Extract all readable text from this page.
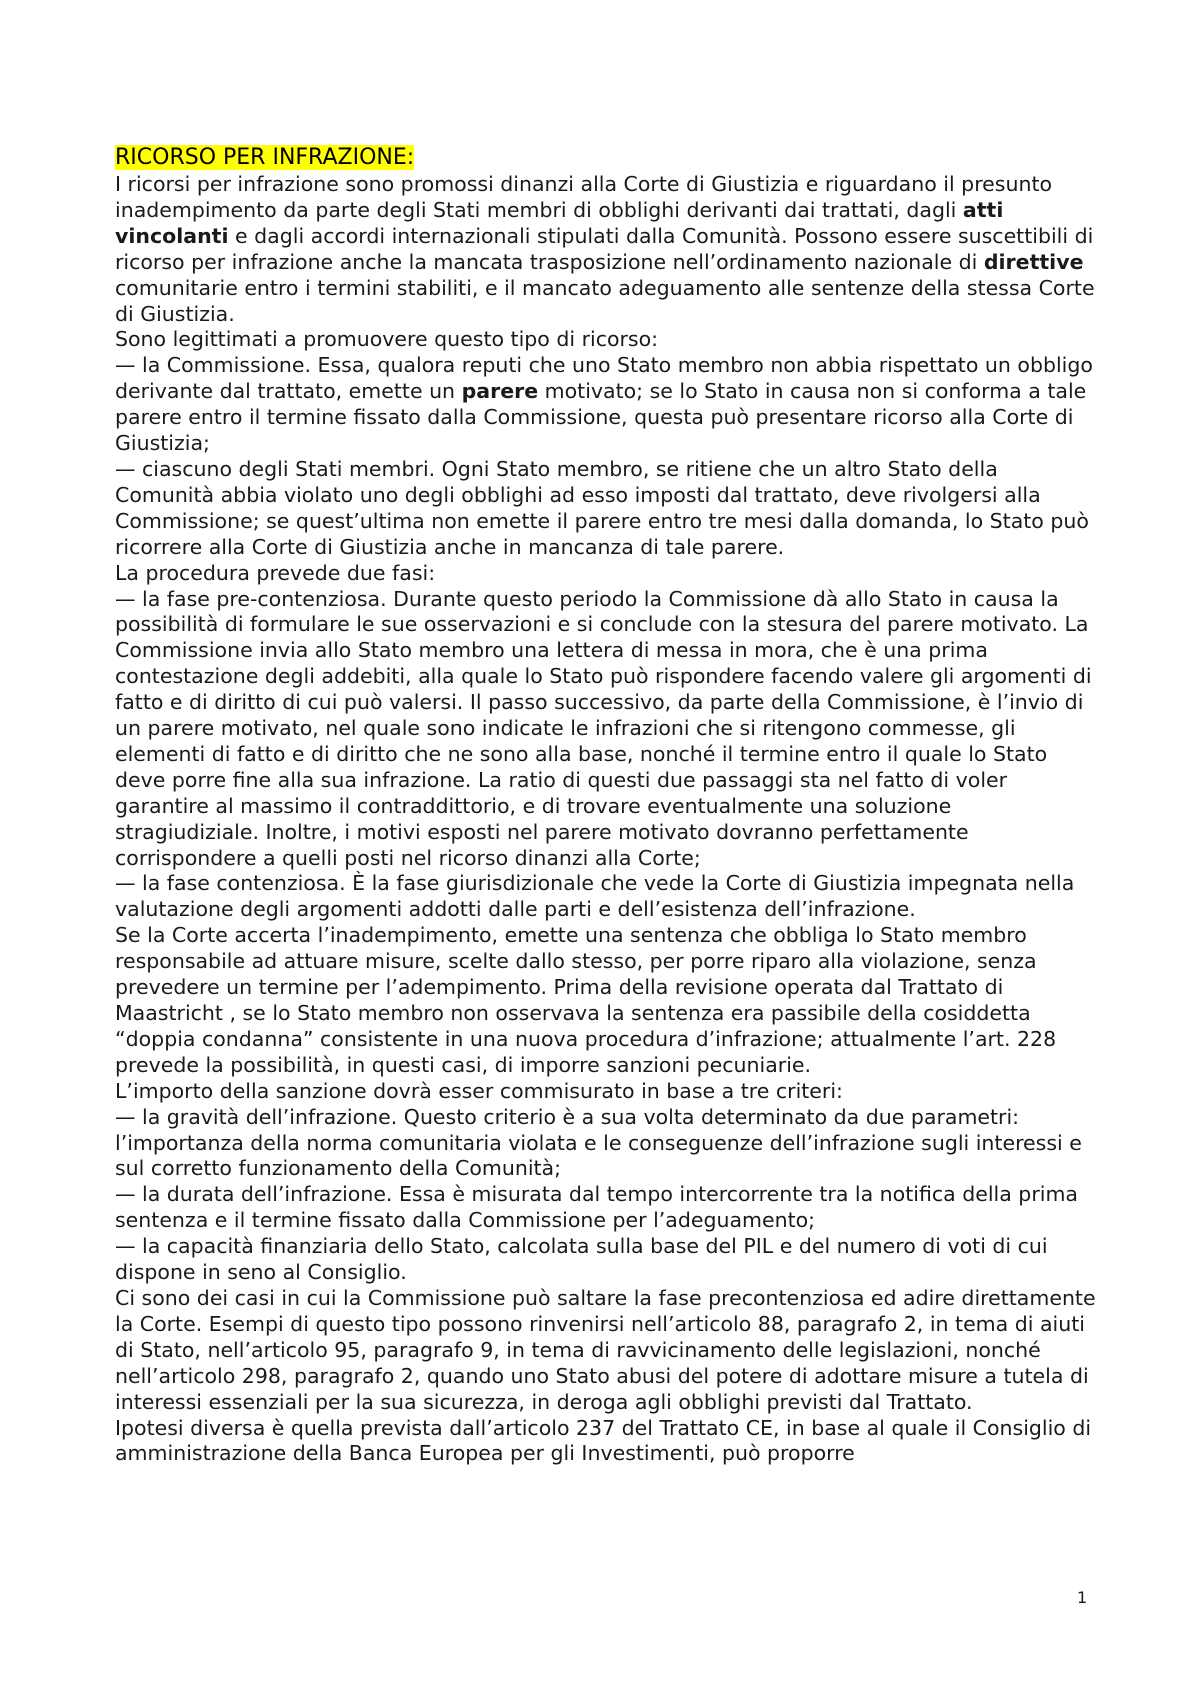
RICORSO PER INFRAZIONE:

I ricorsi per infrazione sono promossi dinanzi alla Corte di Giustizia e riguardano il presunto inadempimento da parte degli Stati membri di obblighi derivanti dai trattati, dagli atti vincolanti e dagli accordi internazionali stipulati dalla Comunità. Possono essere suscettibili di ricorso per infrazione anche la mancata trasposizione nell’ordinamento nazionale di direttive comunitarie entro i termini stabiliti, e il mancato adeguamento alle sentenze della stessa Corte di Giustizia.

Sono legittimati a promuovere questo tipo di ricorso:

— la Commissione. Essa, qualora reputi che uno Stato membro non abbia rispettato un obbligo derivante dal trattato, emette un parere motivato; se lo Stato in causa non si conforma a tale parere entro il termine fissato dalla Commissione, questa può presentare ricorso alla Corte di Giustizia;

— ciascuno degli Stati membri. Ogni Stato membro, se ritiene che un altro Stato della Comunità abbia violato uno degli obblighi ad esso imposti dal trattato, deve rivolgersi alla Commissione; se quest’ultima non emette il parere entro tre mesi dalla domanda, lo Stato può ricorrere alla Corte di Giustizia anche in mancanza di tale parere.

La procedura prevede due fasi:

— la fase pre-contenziosa. Durante questo periodo la Commissione dà allo Stato in causa la possibilità di formulare le sue osservazioni e si conclude con la stesura del parere motivato. La Commissione invia allo Stato membro una lettera di messa in mora, che è una prima contestazione degli addebiti, alla quale lo Stato può rispondere facendo valere gli argomenti di fatto e di diritto di cui può valersi. Il passo successivo, da parte della Commissione, è l’invio di un parere motivato, nel quale sono indicate le infrazioni che si ritengono commesse, gli elementi di fatto e di diritto che ne sono alla base, nonché il termine entro il quale lo Stato deve porre fine alla sua infrazione. La ratio di questi due passaggi sta nel fatto di voler garantire al massimo il contraddittorio, e di trovare eventualmente una soluzione stragiudiziale. Inoltre, i motivi esposti nel parere motivato dovranno perfettamente corrispondere a quelli posti nel ricorso dinanzi alla Corte;

— la fase contenziosa. È la fase giurisdizionale che vede la Corte di Giustizia impegnata nella valutazione degli argomenti addotti dalle parti e dell’esistenza dell’infrazione.

Se la Corte accerta l’inadempimento, emette una sentenza che obbliga lo Stato membro responsabile ad attuare misure, scelte dallo stesso, per porre riparo alla violazione, senza prevedere un termine per l’adempimento. Prima della revisione operata dal Trattato di Maastricht , se lo Stato membro non osservava la sentenza era passibile della cosiddetta “doppia condanna” consistente in una nuova procedura d’infrazione; attualmente l’art. 228 prevede la possibilità, in questi casi, di imporre sanzioni pecuniarie.

L’importo della sanzione dovrà esser commisurato in base a tre criteri:

— la gravità dell’infrazione. Questo criterio è a sua volta determinato da due parametri: l’importanza della norma comunitaria violata e le conseguenze dell’infrazione sugli interessi e sul corretto funzionamento della Comunità;

— la durata dell’infrazione. Essa è misurata dal tempo intercorrente tra la notifica della prima sentenza e il termine fissato dalla Commissione per l’adeguamento;

— la capacità finanziaria dello Stato, calcolata sulla base del PIL e del numero di voti di cui dispone in seno al Consiglio.

Ci sono dei casi in cui la Commissione può saltare la fase precontenziosa ed adire direttamente la Corte. Esempi di questo tipo possono rinvenirsi nell’articolo 88, paragrafo 2, in tema di aiuti di Stato, nell’articolo 95, paragrafo 9, in tema di ravvicinamento delle legislazioni, nonché nell’articolo 298, paragrafo 2, quando uno Stato abusi del potere di adottare misure a tutela di interessi essenziali per la sua sicurezza, in deroga agli obblighi previsti dal Trattato.

Ipotesi diversa è quella prevista dall’articolo 237 del Trattato CE, in base al quale il Consiglio di amministrazione della Banca Europea per gli Investimenti, può proporre

1
